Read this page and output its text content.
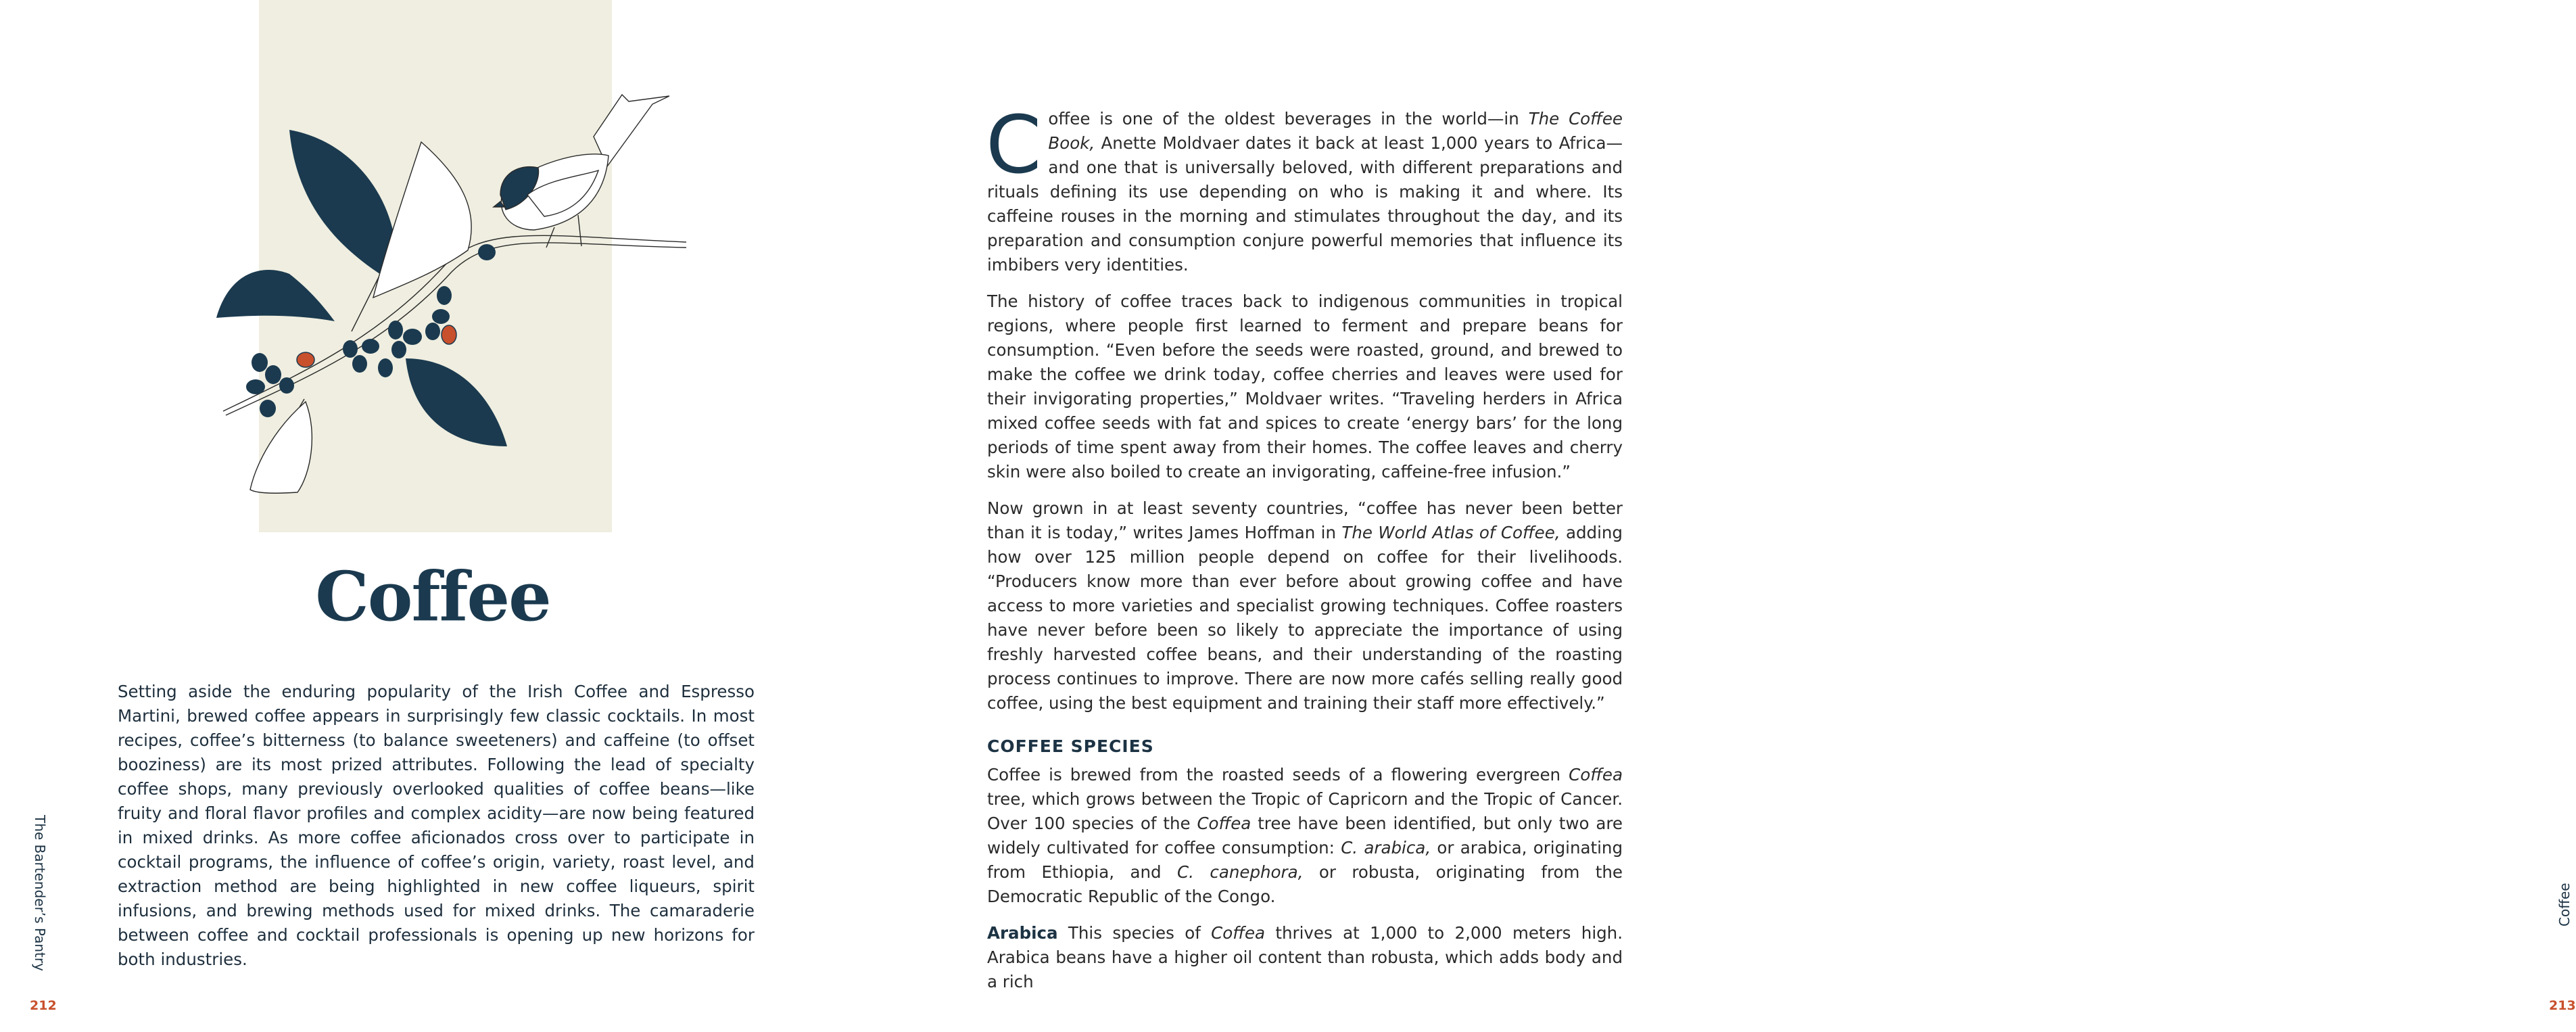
Coffee

Setting aside the enduring popularity of the Irish Coffee and Espresso Martini, brewed coffee appears in surprisingly few classic cocktails. In most recipes, coffee’s bitterness (to balance sweeteners) and caffeine (to offset booziness) are its most prized attributes. Following the lead of specialty coffee shops, many previously overlooked qualities of coffee beans—like fruity and floral flavor profiles and complex acidity—are now being featured in mixed drinks. As more coffee aficionados cross over to participate in cocktail programs, the influence of coffee’s origin, variety, roast level, and extraction method are being highlighted in new coffee liqueurs, spirit infusions, and brewing methods used for mixed drinks. The camaraderie between coffee and cocktail professionals is opening up new horizons for both industries.

The Bartender’s Pantry
212

Coffee is one of the oldest beverages in the world—in The Coffee Book, Anette Moldvaer dates it back at least 1,000 years to Africa—and one that is universally beloved, with different preparations and rituals defining its use depending on who is making it and where. Its caffeine rouses in the morning and stimulates throughout the day, and its preparation and consumption conjure powerful memories that influence its imbibers very identities.

The history of coffee traces back to indigenous communities in tropical regions, where people first learned to ferment and prepare beans for consumption. “Even before the seeds were roasted, ground, and brewed to make the coffee we drink today, coffee cherries and leaves were used for their invigorating properties,” Moldvaer writes. “Traveling herders in Africa mixed coffee seeds with fat and spices to create ‘energy bars’ for the long periods of time spent away from their homes. The coffee leaves and cherry skin were also boiled to create an invigorating, caffeine-free infusion.”

Now grown in at least seventy countries, “coffee has never been better than it is today,” writes James Hoffman in The World Atlas of Coffee, adding how over 125 million people depend on coffee for their livelihoods. “Producers know more than ever before about growing coffee and have access to more varieties and specialist growing techniques. Coffee roasters have never before been so likely to appreciate the importance of using freshly harvested coffee beans, and their understanding of the roasting process continues to improve. There are now more cafés selling really good coffee, using the best equipment and training their staff more effectively.”

COFFEE SPECIES

Coffee is brewed from the roasted seeds of a flowering evergreen Coffea tree, which grows between the Tropic of Capricorn and the Tropic of Cancer. Over 100 species of the Coffea tree have been identified, but only two are widely cultivated for coffee consumption: C. arabica, or arabica, originating from Ethiopia, and C. canephora, or robusta, originating from the Democratic Republic of the Congo.

Arabica This species of Coffea thrives at 1,000 to 2,000 meters high. Arabica beans have a higher oil content than robusta, which adds body and a rich

Coffee
213
